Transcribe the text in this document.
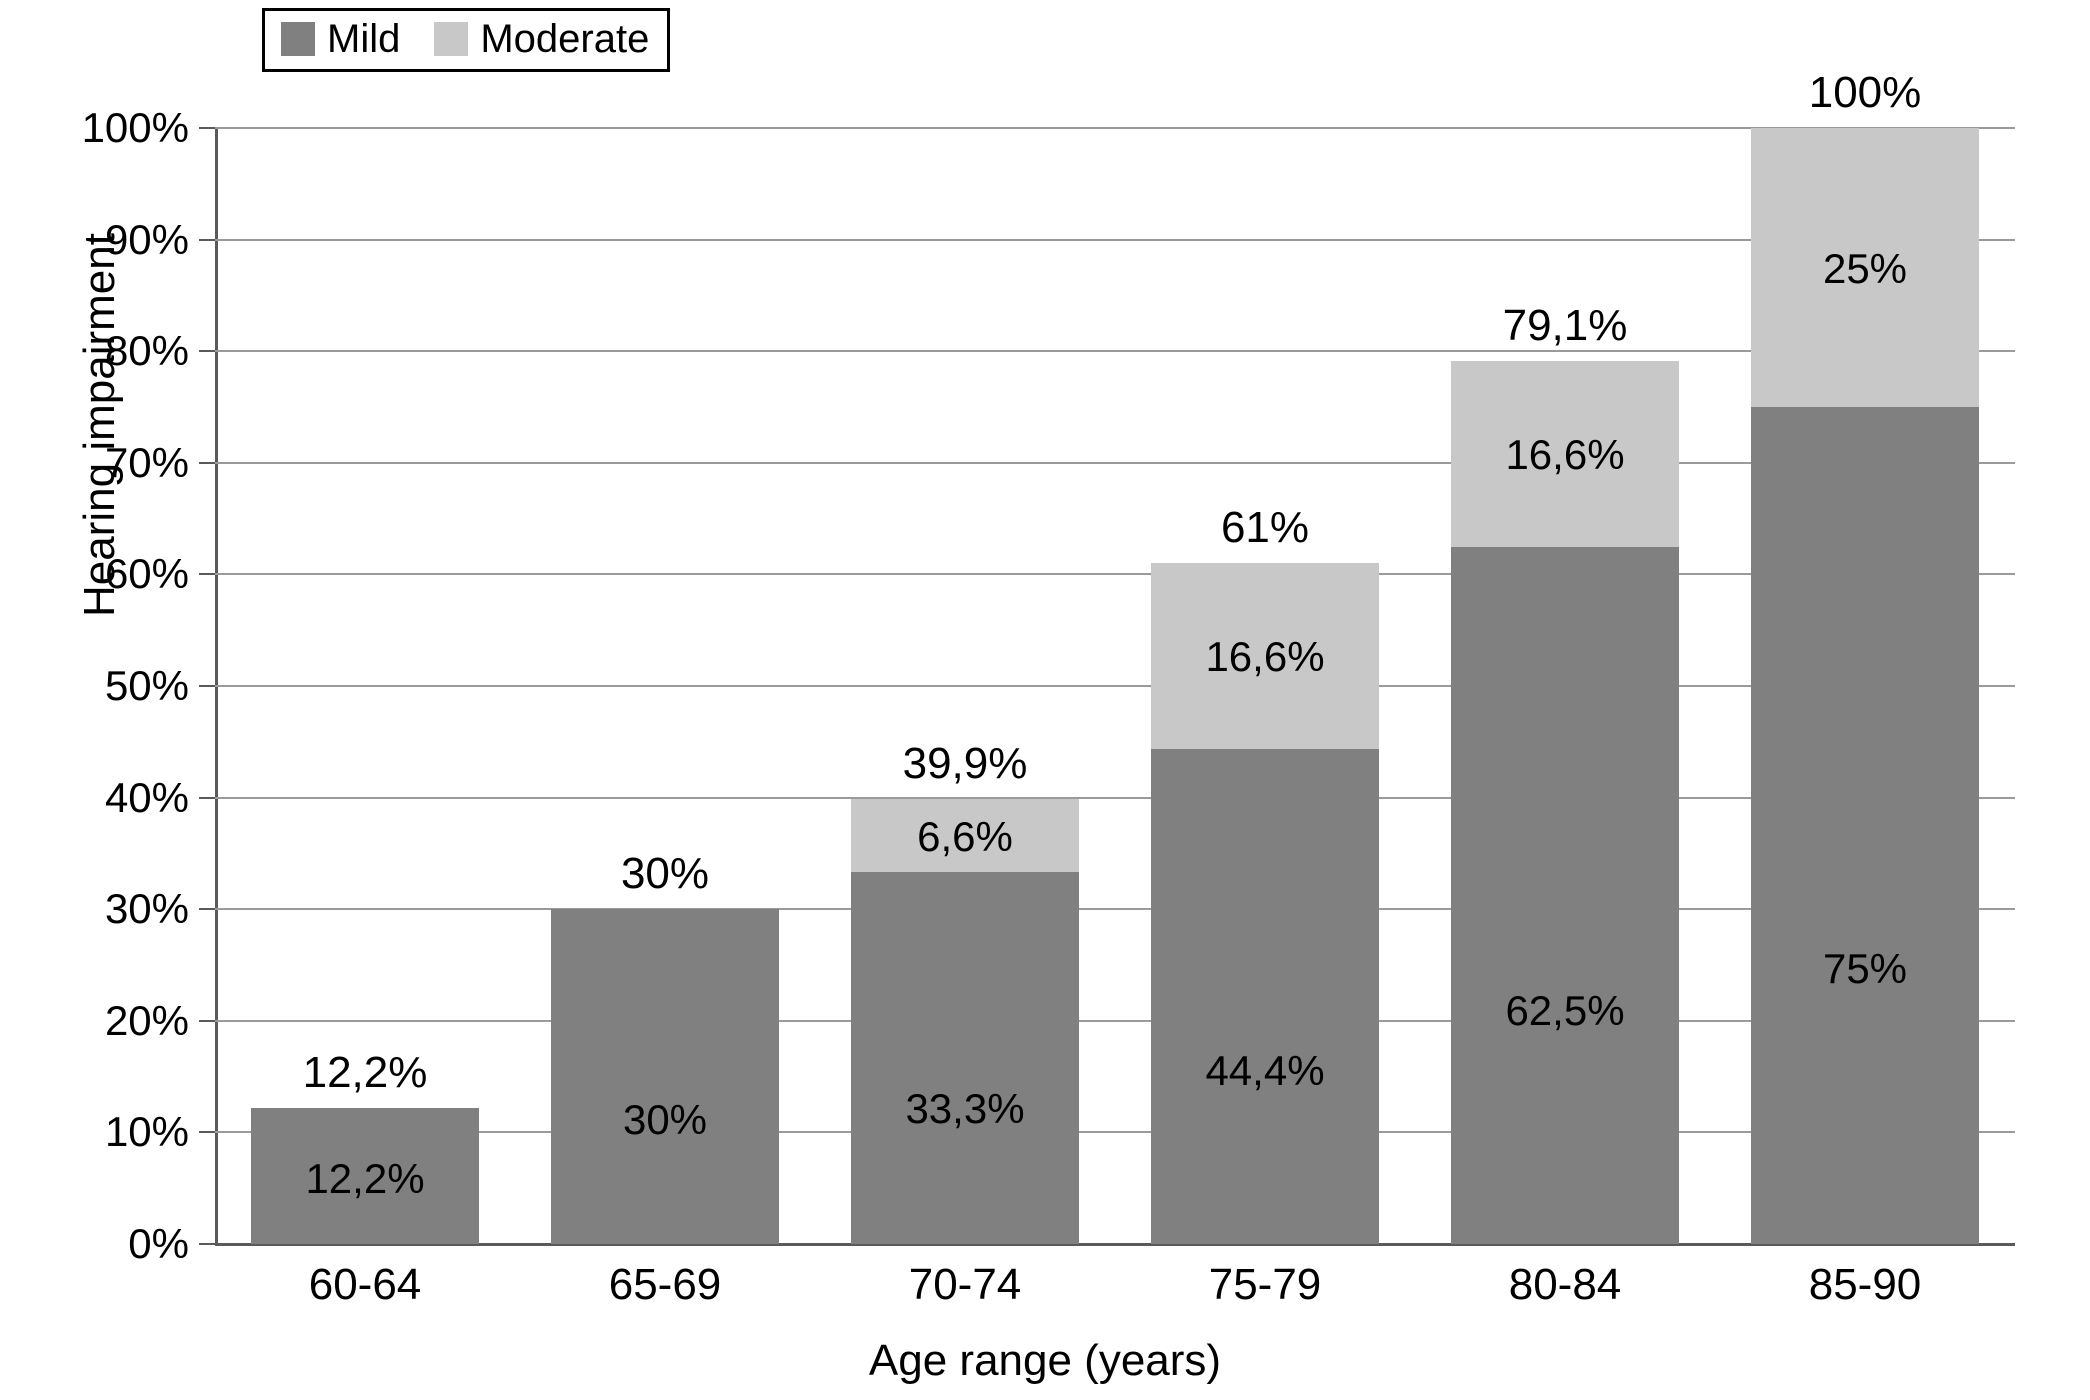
Mild Moderate
Hearing impairment
0%
10%
20%
30%
40%
50%
60%
70%
80%
90%
100%
12,2%
12,2%
30%
30%
33,3%
6,6%
39,9%
44,4%
16,6%
61%
62,5%
16,6%
79,1%
75%
25%
100%
60-64	65-69	70-74	75-79	80-84	85-90
Age range (years)
